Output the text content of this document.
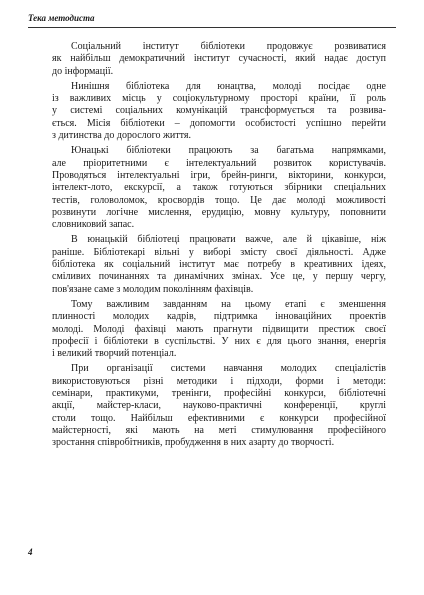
Тека методиста
Соціальний інститут бібліотеки продовжує розвиватися
як найбільш демократичний інститут сучасності, який надає доступ
до інформації.
Нинішня бібліотека для юнацтва, молоді посідає одне
із важливих місць у соціокультурному просторі країни, її роль
у системі соціальних комунікацій трансформується та розвива-
ється. Місія бібліотеки – допомогти особистості успішно перейти
з дитинства до дорослого життя.
Юнацькі бібліотеки працюють за багатьма напрямками,
але пріоритетними є інтелектуальний розвиток користувачів.
Проводяться інтелектуальні ігри, брейн-ринги, вікторини, конкурси,
інтелект-лото, екскурсії, а також готуються збірники спеціальних
тестів, головоломок, кросвордів тощо. Це дає молоді можливості
розвинути логічне мислення, ерудицію, мовну культуру, поповнити
словниковий запас.
В юнацькій бібліотеці працювати важче, але й цікавіше, ніж
раніше. Бібліотекарі вільні у виборі змісту своєї діяльності. Адже
бібліотека як соціальний інститут має потребу в креативних ідеях,
сміливих починаннях та динамічних змінах. Усе це, у першу чергу,
пов'язане саме з молодим поколінням фахівців.
Тому важливим завданням на цьому етапі є зменшення
плинності молодих кадрів, підтримка інноваційних проектів
молоді. Молоді фахівці мають прагнути підвищити престиж своєї
професії і бібліотеки в суспільстві. У них є для цього знання, енергія
і великий творчий потенціал.
При організації системи навчання молодих спеціалістів
використовуються різні методики і підходи, форми і методи:
семінари, практикуми, тренінги, професійні конкурси, бібліотечні
акції, майстер-класи, науково-практичні конференції, круглі
столи тощо. Найбільш ефективними є конкурси професійної
майстерності, які мають на меті стимулювання професійного
зростання співробітників, пробудження в них азарту до творчості.
4
